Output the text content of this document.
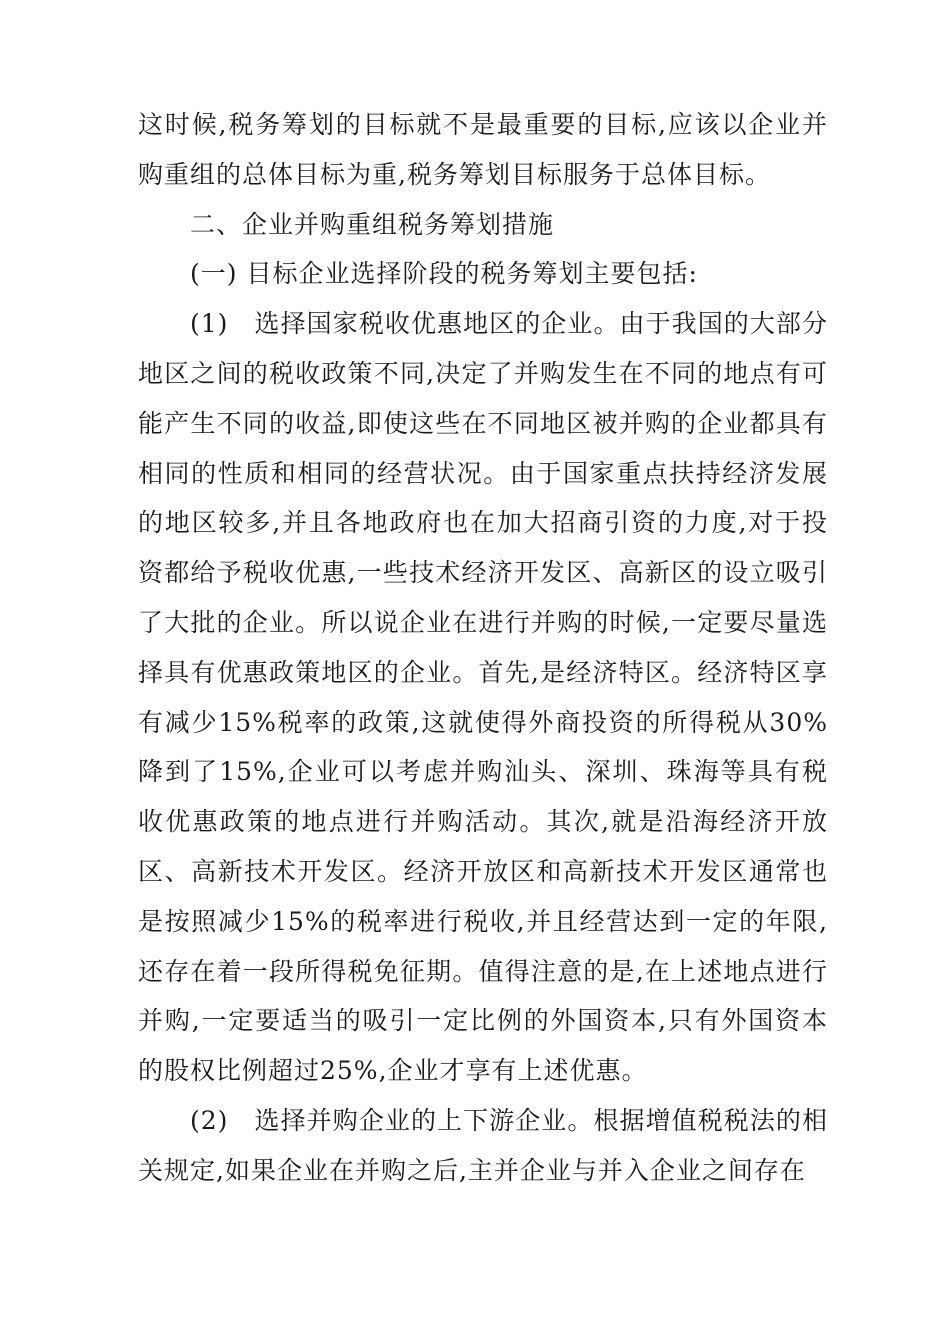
这时候,税务筹划的目标就不是最重要的目标,应该以企业并购重组的总体目标为重,税务筹划目标服务于总体目标。

二、企业并购重组税务筹划措施

(一) 目标企业选择阶段的税务筹划主要包括:

(1)　选择国家税收优惠地区的企业。由于我国的大部分地区之间的税收政策不同,决定了并购发生在不同的地点有可能产生不同的收益,即使这些在不同地区被并购的企业都具有相同的性质和相同的经营状况。由于国家重点扶持经济发展的地区较多,并且各地政府也在加大招商引资的力度,对于投资都给予税收优惠,一些技术经济开发区、高新区的设立吸引了大批的企业。所以说企业在进行并购的时候,一定要尽量选择具有优惠政策地区的企业。首先,是经济特区。经济特区享有减少15%税率的政策,这就使得外商投资的所得税从30%降到了15%,企业可以考虑并购汕头、深圳、珠海等具有税收优惠政策的地点进行并购活动。其次,就是沿海经济开放区、高新技术开发区。经济开放区和高新技术开发区通常也是按照减少15%的税率进行税收,并且经营达到一定的年限,还存在着一段所得税免征期。值得注意的是,在上述地点进行并购,一定要适当的吸引一定比例的外国资本,只有外国资本的股权比例超过25%,企业才享有上述优惠。

(2)　选择并购企业的上下游企业。根据增值税税法的相关规定,如果企业在并购之后,主并企业与并入企业之间存在
